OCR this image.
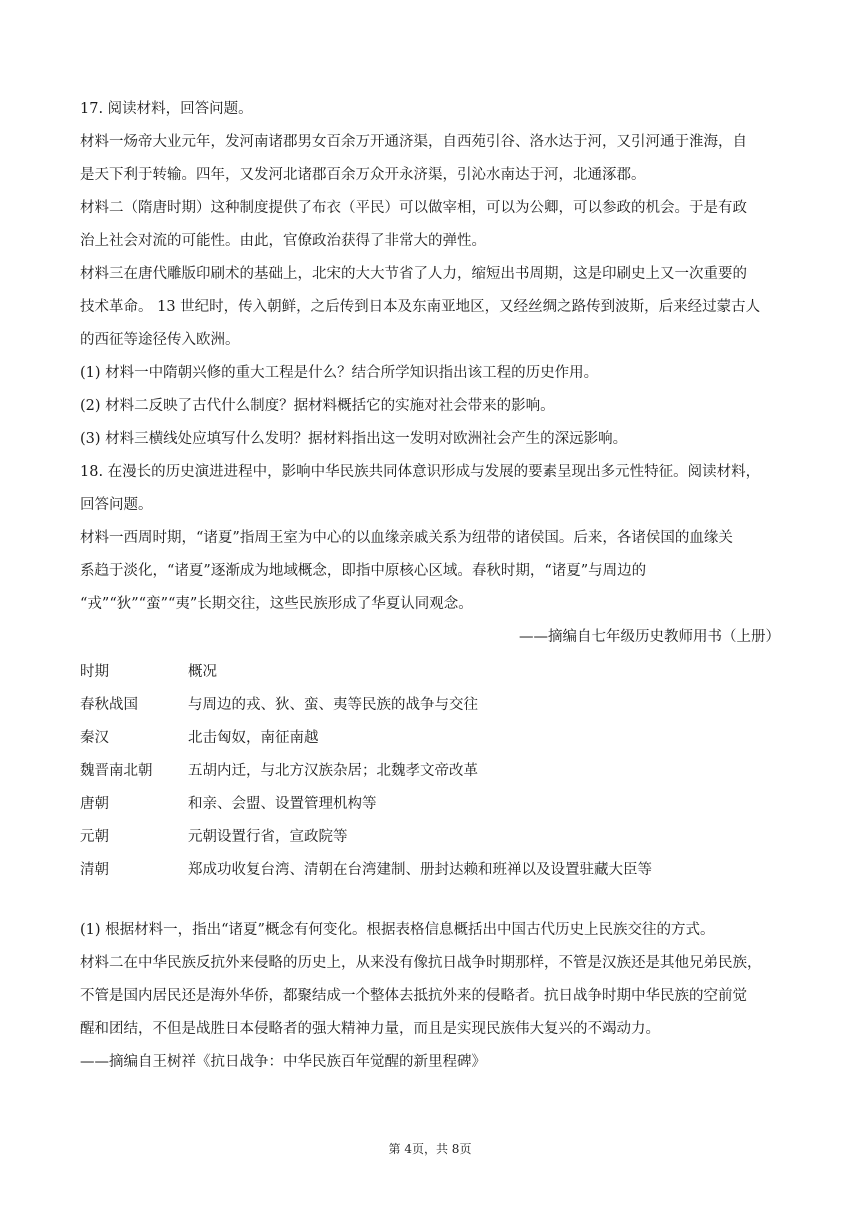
17. 阅读材料，回答问题。
材料一炀帝大业元年，发河南诸郡男女百余万开通济渠，自西苑引谷、洛水达于河，又引河通于淮海，自
是天下利于转输。四年，又发河北诸郡百余万众开永济渠，引沁水南达于河，北通涿郡。
材料二（隋唐时期）这种制度提供了布衣（平民）可以做宰相，可以为公卿，可以参政的机会。于是有政
治上社会对流的可能性。由此，官僚政治获得了非常大的弹性。
材料三在唐代雕版印刷术的基础上，北宋的大大节省了人力，缩短出书周期，这是印刷史上又一次重要的
技术革命。 13 世纪时，传入朝鲜，之后传到日本及东南亚地区，又经丝绸之路传到波斯，后来经过蒙古人
的西征等途径传入欧洲。
(1) 材料一中隋朝兴修的重大工程是什么？结合所学知识指出该工程的历史作用。
(2) 材料二反映了古代什么制度？据材料概括它的实施对社会带来的影响。
(3) 材料三横线处应填写什么发明？据材料指出这一发明对欧洲社会产生的深远影响。
18. 在漫长的历史演进进程中，影响中华民族共同体意识形成与发展的要素呈现出多元性特征。阅读材料，
回答问题。
材料一西周时期，“诸夏”指周王室为中心的以血缘亲戚关系为纽带的诸侯国。后来，各诸侯国的血缘关
系趋于淡化，“诸夏”逐渐成为地域概念，即指中原核心区域。春秋时期，“诸夏”与周边的
“戎”“狄”“蛮”“夷”长期交往，这些民族形成了华夏认同观念。
——摘编自七年级历史教师用书（上册）
时期	概况
春秋战国	与周边的戎、狄、蛮、夷等民族的战争与交往
秦汉	北击匈奴，南征南越
魏晋南北朝	五胡内迁，与北方汉族杂居；北魏孝文帝改革
唐朝	和亲、会盟、设置管理机构等
元朝	元朝设置行省，宣政院等
清朝	郑成功收复台湾、清朝在台湾建制、册封达赖和班禅以及设置驻藏大臣等
(1) 根据材料一，指出“诸夏”概念有何变化。根据表格信息概括出中国古代历史上民族交往的方式。
材料二在中华民族反抗外来侵略的历史上，从来没有像抗日战争时期那样，不管是汉族还是其他兄弟民族，
不管是国内居民还是海外华侨，都聚结成一个整体去抵抗外来的侵略者。抗日战争时期中华民族的空前觉
醒和团结，不但是战胜日本侵略者的强大精神力量，而且是实现民族伟大复兴的不竭动力。
——摘编自王树祥《抗日战争：中华民族百年觉醒的新里程碑》
第 4页，共 8页
